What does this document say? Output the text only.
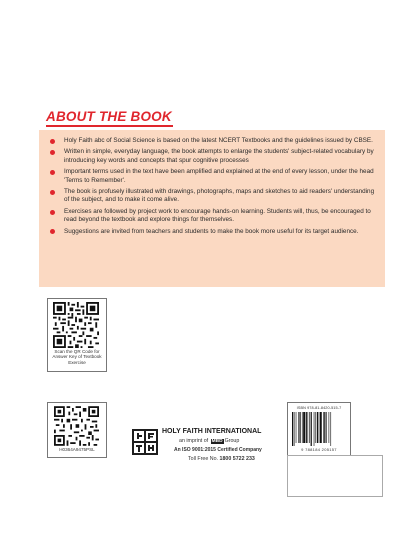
ABOUT THE BOOK
Holy Faith abc of Social Science is based on the latest NCERT Textbooks and the guidelines issued by CBSE.
Written in simple, everyday language, the book attempts to enlarge the students' subject-related vocabulary by introducing key words and concepts that spur cognitive processes
Important terms used in the text have been amplified and explained at the end of every lesson, under the head 'Terms to Remember'.
The book is profusely illustrated with drawings, photographs, maps and sketches to aid readers' understanding of the subject, and to make it come alive.
Exercises are followed by project work to encourage hands-on learning. Students will, thus, be encouraged to read beyond the textbook and explore things for themselves.
Suggestions are invited from teachers and students to make the book more useful for its target audience.
Scan the QR Code for Answer Key of Textbook Exercise
H0364A9475PSL
HOLY FAITH INTERNATIONAL
an imprint of MBD Group
An ISO 9001:2015 Certified Company
Toll Free No. 1800 5722 233
ISBN 978-81-8420-515-7
9 788184 205157
